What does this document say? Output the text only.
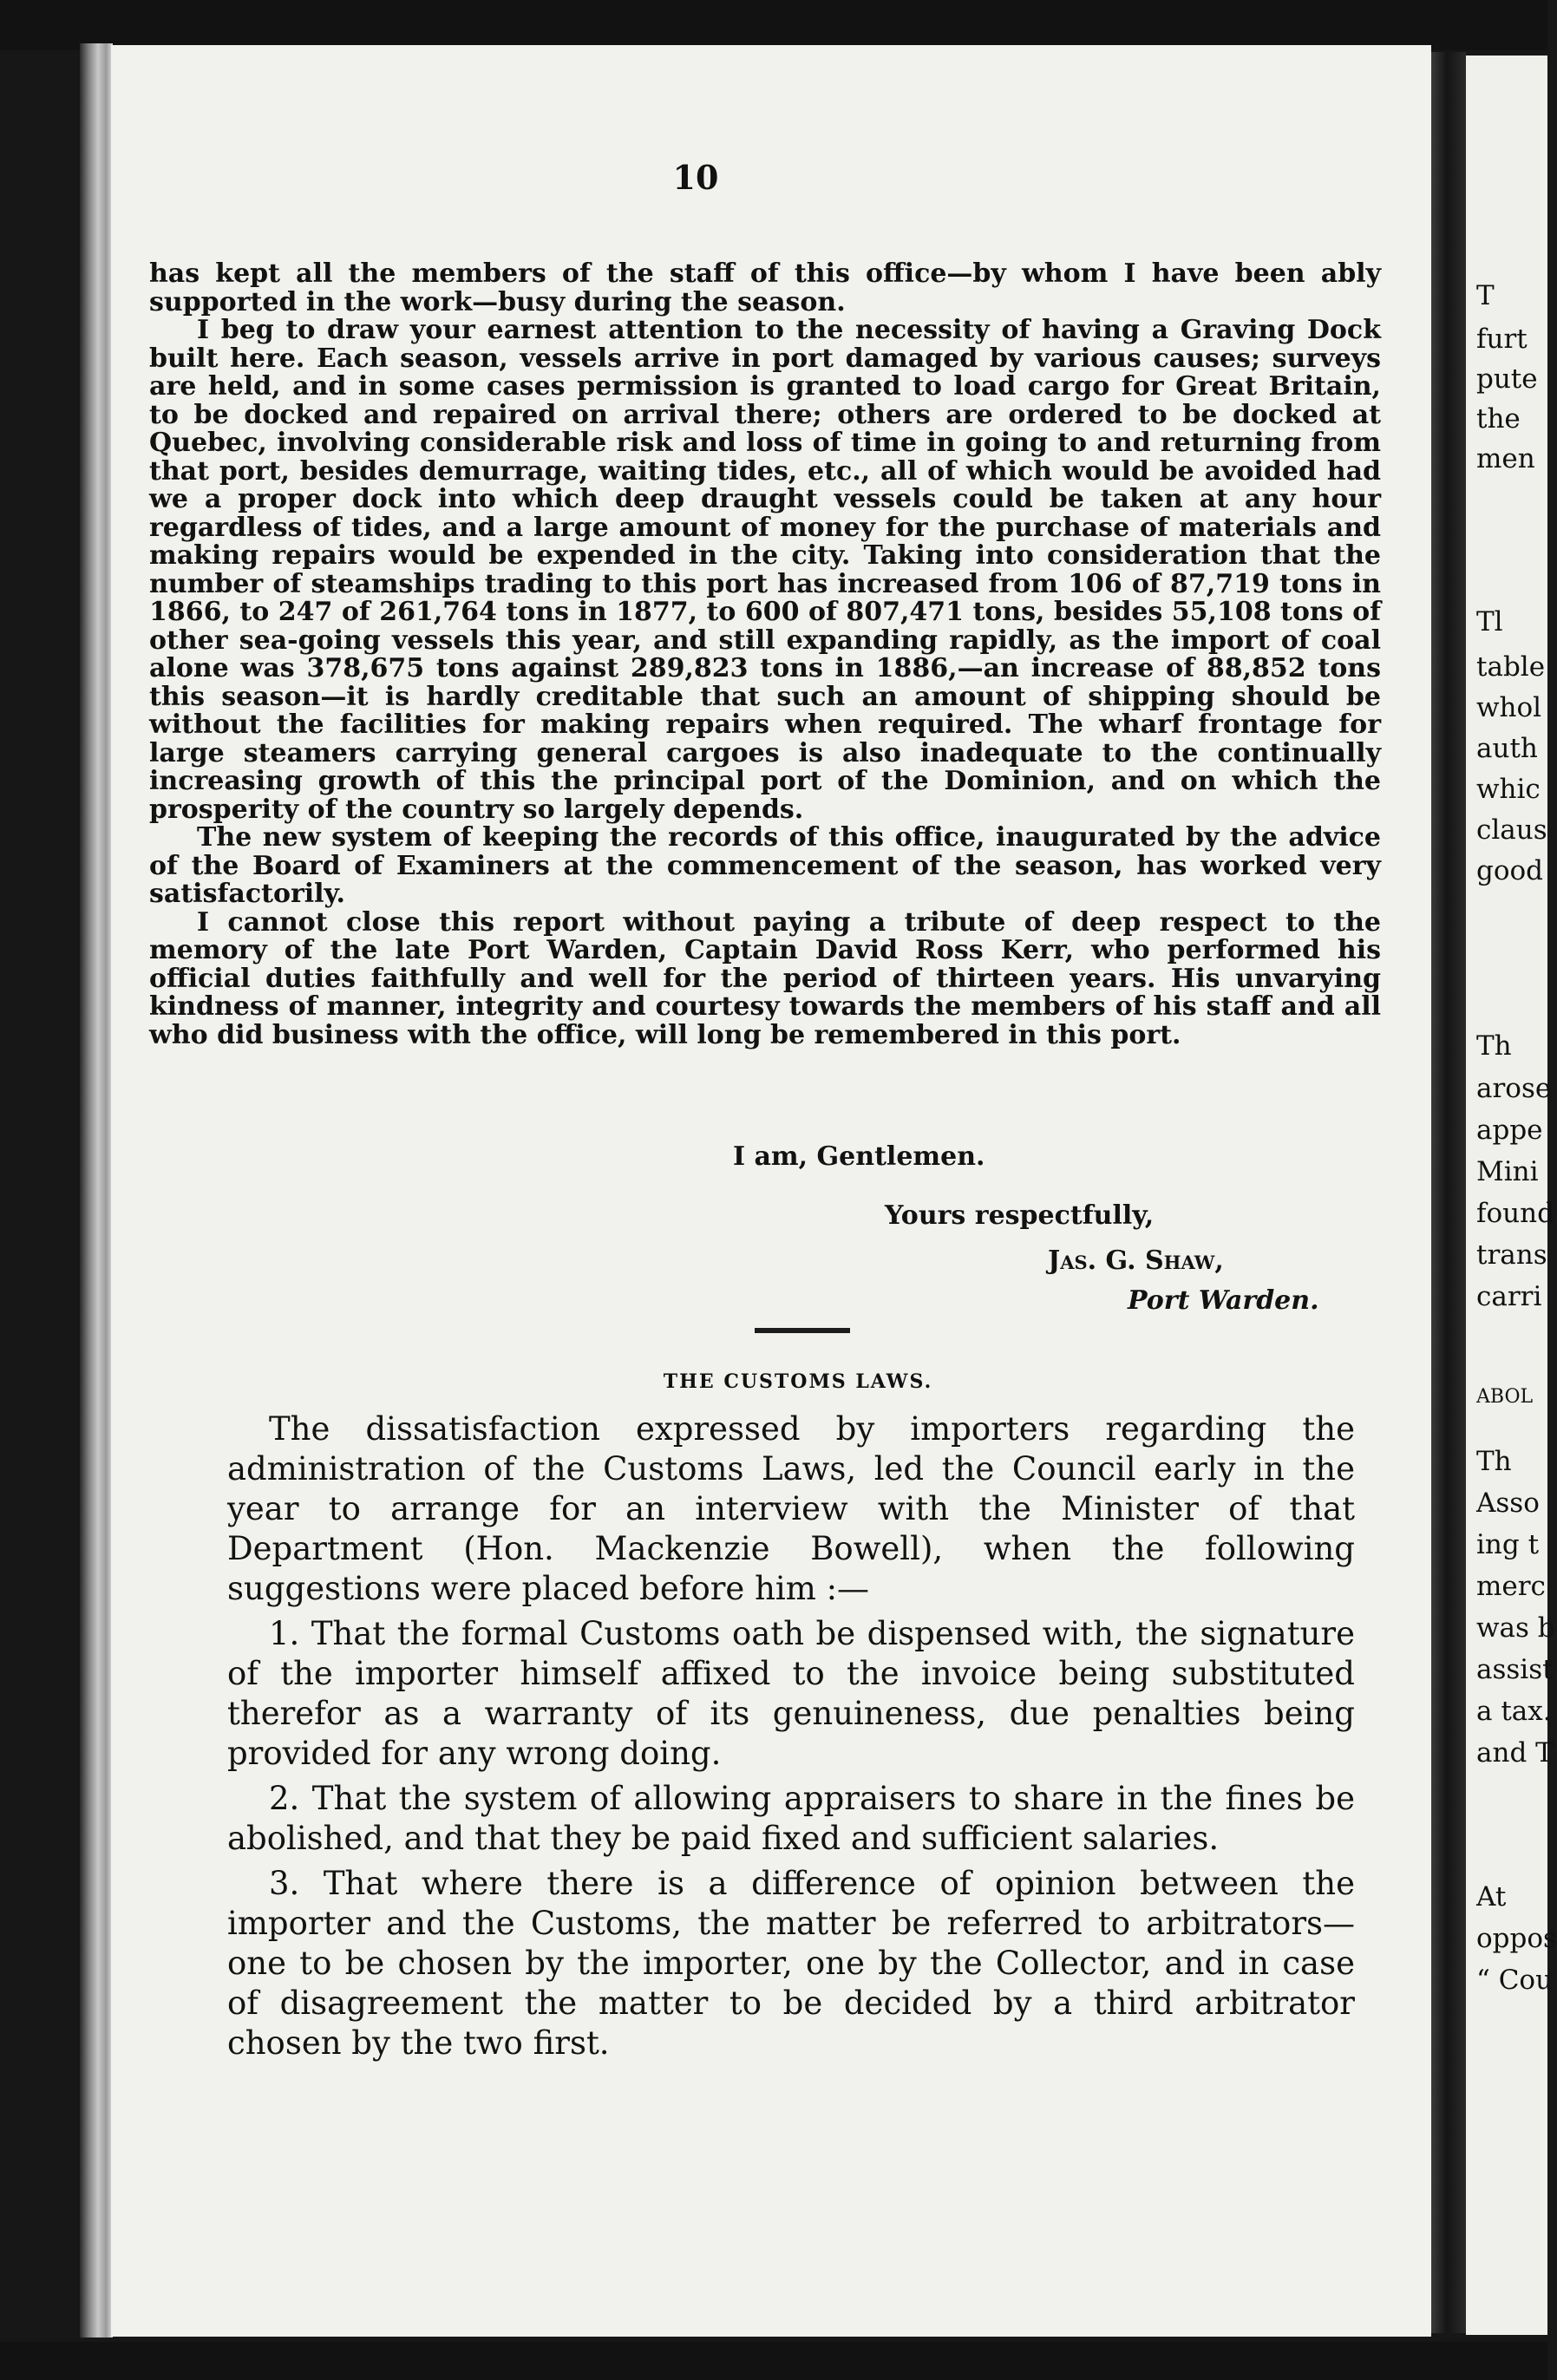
T
furt
pute
the
men
Tl
table
whol
auth
whic
claus
good
Th
arose
appe
Mini
found
trans
carri
ABOL
Th
Asso
ing t
merc
was b
assist
a tax.
and T
At
oppos
“ Cou
10

has kept all the members of the staff of this office—by whom I have been ably supported in the work—busy during the season.

I beg to draw your earnest attention to the necessity of having a Graving Dock built here. Each season, vessels arrive in port damaged by various causes; surveys are held, and in some cases permission is granted to load cargo for Great Britain, to be docked and repaired on arrival there; others are ordered to be docked at Quebec, involving considerable risk and loss of time in going to and returning from that port, besides demurrage, waiting tides, etc., all of which would be avoided had we a proper dock into which deep draught vessels could be taken at any hour regardless of tides, and a large amount of money for the purchase of materials and making repairs would be expended in the city. Taking into consideration that the number of steamships trading to this port has increased from 106 of 87,719 tons in 1866, to 247 of 261,764 tons in 1877, to 600 of 807,471 tons, besides 55,108 tons of other sea-going vessels this year, and still expanding rapidly, as the import of coal alone was 378,675 tons against 289,823 tons in 1886,—an increase of 88,852 tons this season—it is hardly creditable that such an amount of shipping should be without the facilities for making repairs when required. The wharf frontage for large steamers carrying general cargoes is also inadequate to the continually increasing growth of this the principal port of the Dominion, and on which the prosperity of the country so largely depends.

The new system of keeping the records of this office, inaugurated by the advice of the Board of Examiners at the commencement of the season, has worked very satisfactorily.

I cannot close this report without paying a tribute of deep respect to the memory of the late Port Warden, Captain David Ross Kerr, who performed his official duties faithfully and well for the period of thirteen years. His unvarying kindness of manner, integrity and courtesy towards the members of his staff and all who did business with the office, will long be remembered in this port.

I am, Gentlemen.
Yours respectfully,
Jas. G. Shaw,
Port Warden.
THE CUSTOMS LAWS.

The dissatisfaction expressed by importers regarding the administration of the Customs Laws, led the Council early in the year to arrange for an interview with the Minister of that Department (Hon. Mackenzie Bowell), when the following suggestions were placed before him :—

1. That the formal Customs oath be dispensed with, the signature of the importer himself affixed to the invoice being substituted therefor as a warranty of its genuineness, due penalties being provided for any wrong doing.

2. That the system of allowing appraisers to share in the fines be abolished, and that they be paid fixed and sufficient salaries.

3. That where there is a difference of opinion between the importer and the Customs, the matter be referred to arbitrators—one to be chosen by the importer, one by the Collector, and in case of disagreement the matter to be decided by a third arbitrator chosen by the two first.
